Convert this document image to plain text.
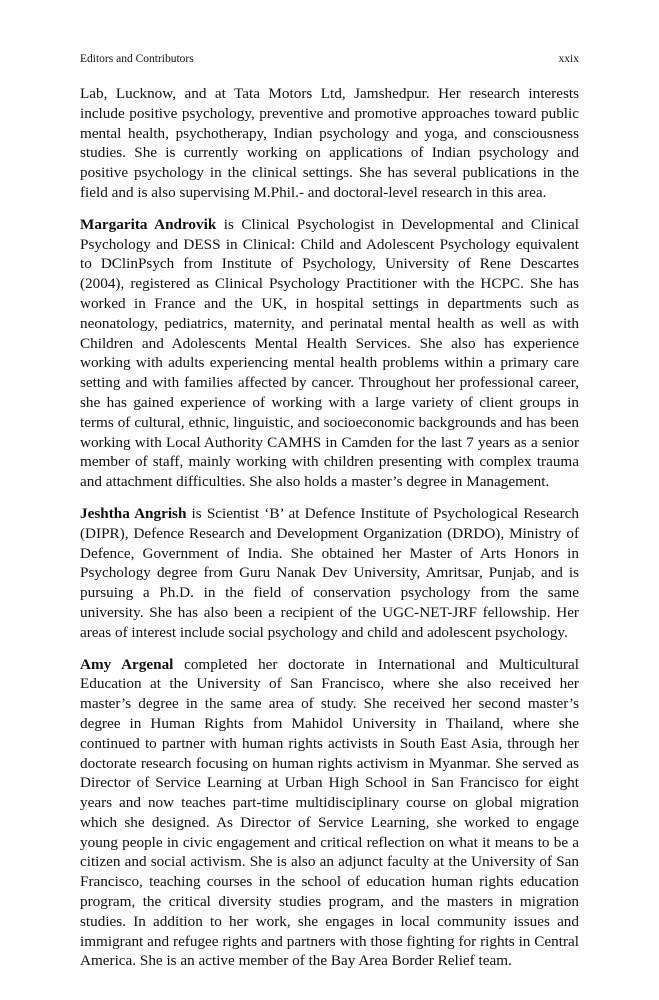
Editors and Contributors	xxix

Lab, Lucknow, and at Tata Motors Ltd, Jamshedpur. Her research interests include positive psychology, preventive and promotive approaches toward public mental health, psychotherapy, Indian psychology and yoga, and consciousness studies. She is currently working on applications of Indian psychology and positive psychology in the clinical settings. She has several publications in the field and is also supervising M.Phil.- and doctoral-level research in this area.

Margarita Androvik is Clinical Psychologist in Developmental and Clinical Psychology and DESS in Clinical: Child and Adolescent Psychology equivalent to DClinPsych from Institute of Psychology, University of Rene Descartes (2004), registered as Clinical Psychology Practitioner with the HCPC. She has worked in France and the UK, in hospital settings in departments such as neonatology, pediatrics, maternity, and perinatal mental health as well as with Children and Adolescents Mental Health Services. She also has experience working with adults experiencing mental health problems within a primary care setting and with families affected by cancer. Throughout her professional career, she has gained experience of working with a large variety of client groups in terms of cultural, ethnic, linguistic, and socioeconomic backgrounds and has been working with Local Authority CAMHS in Camden for the last 7 years as a senior member of staff, mainly working with children presenting with complex trauma and attachment difficulties. She also holds a master’s degree in Management.

Jeshtha Angrish is Scientist ‘B’ at Defence Institute of Psychological Research (DIPR), Defence Research and Development Organization (DRDO), Ministry of Defence, Government of India. She obtained her Master of Arts Honors in Psychology degree from Guru Nanak Dev University, Amritsar, Punjab, and is pursuing a Ph.D. in the field of conservation psychology from the same university. She has also been a recipient of the UGC-NET-JRF fellowship. Her areas of interest include social psychology and child and adolescent psychology.

Amy Argenal completed her doctorate in International and Multicultural Education at the University of San Francisco, where she also received her master’s degree in the same area of study. She received her second master’s degree in Human Rights from Mahidol University in Thailand, where she continued to partner with human rights activists in South East Asia, through her doctorate research focusing on human rights activism in Myanmar. She served as Director of Service Learning at Urban High School in San Francisco for eight years and now teaches part-time multidisciplinary course on global migration which she designed. As Director of Service Learning, she worked to engage young people in civic engagement and critical reflection on what it means to be a citizen and social activism. She is also an adjunct faculty at the University of San Francisco, teaching courses in the school of education human rights education program, the critical diversity studies program, and the masters in migration studies. In addition to her work, she engages in local community issues and immigrant and refugee rights and partners with those fighting for rights in Central America. She is an active member of the Bay Area Border Relief team.
